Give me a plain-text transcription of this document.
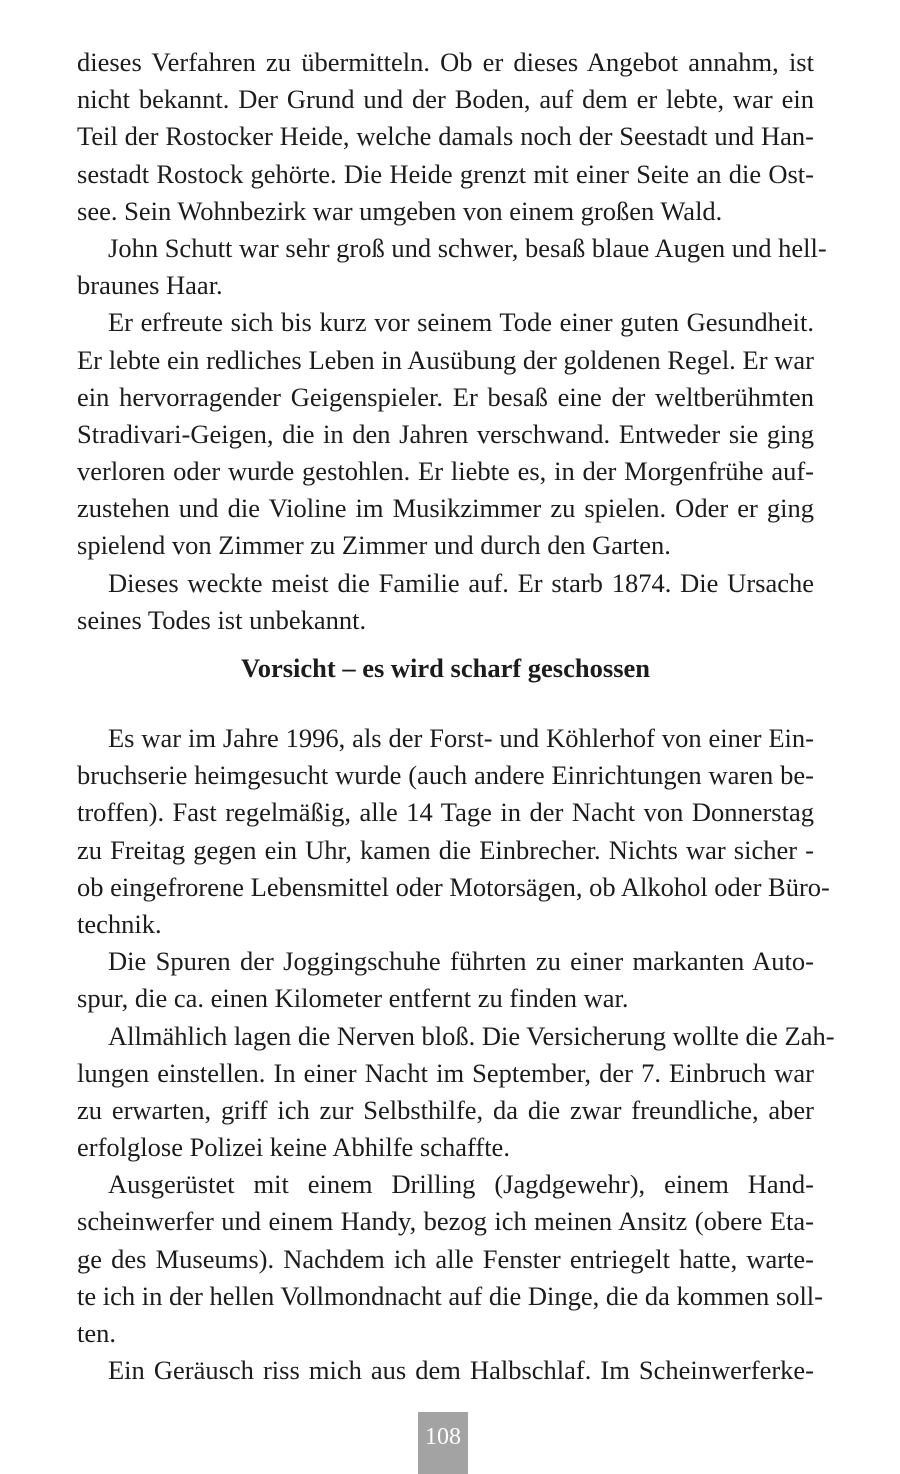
dieses Verfahren zu übermitteln. Ob er dieses Angebot annahm, ist
nicht bekannt. Der Grund und der Boden, auf dem er lebte, war ein
Teil der Rostocker Heide, welche damals noch der Seestadt und Han-
sestadt Rostock gehörte. Die Heide grenzt mit einer Seite an die Ost-
see. Sein Wohnbezirk war umgeben von einem großen Wald.
John Schutt war sehr groß und schwer, besaß blaue Augen und hell-
braunes Haar.
Er erfreute sich bis kurz vor seinem Tode einer guten Gesundheit.
Er lebte ein redliches Leben in Ausübung der goldenen Regel. Er war
ein hervorragender Geigenspieler. Er besaß eine der weltberühmten
Stradivari-Geigen, die in den Jahren verschwand. Entweder sie ging
verloren oder wurde gestohlen. Er liebte es, in der Morgenfrühe auf-
zustehen und die Violine im Musikzimmer zu spielen. Oder er ging
spielend von Zimmer zu Zimmer und durch den Garten.
Dieses weckte meist die Familie auf. Er starb 1874. Die Ursache
seines Todes ist unbekannt.
Vorsicht – es wird scharf geschossen
Es war im Jahre 1996, als der Forst- und Köhlerhof von einer Ein-
bruchserie heimgesucht wurde (auch andere Einrichtungen waren be-
troffen). Fast regelmäßig, alle 14 Tage in der Nacht von Donnerstag
zu Freitag gegen ein Uhr, kamen die Einbrecher. Nichts war sicher -
ob eingefrorene Lebensmittel oder Motorsägen, ob Alkohol oder Büro-
technik.
Die Spuren der Joggingschuhe führten zu einer markanten Auto-
spur, die ca. einen Kilometer entfernt zu finden war.
Allmählich lagen die Nerven bloß. Die Versicherung wollte die Zah-
lungen einstellen. In einer Nacht im September, der 7. Einbruch war
zu erwarten, griff ich zur Selbsthilfe, da die zwar freundliche, aber
erfolglose Polizei keine Abhilfe schaffte.
Ausgerüstet mit einem Drilling (Jagdgewehr), einem Hand-
scheinwerfer und einem Handy, bezog ich meinen Ansitz (obere Eta-
ge des Museums). Nachdem ich alle Fenster entriegelt hatte, warte-
te ich in der hellen Vollmondnacht auf die Dinge, die da kommen soll-
ten.
Ein Geräusch riss mich aus dem Halbschlaf. Im Scheinwerferke-
108
